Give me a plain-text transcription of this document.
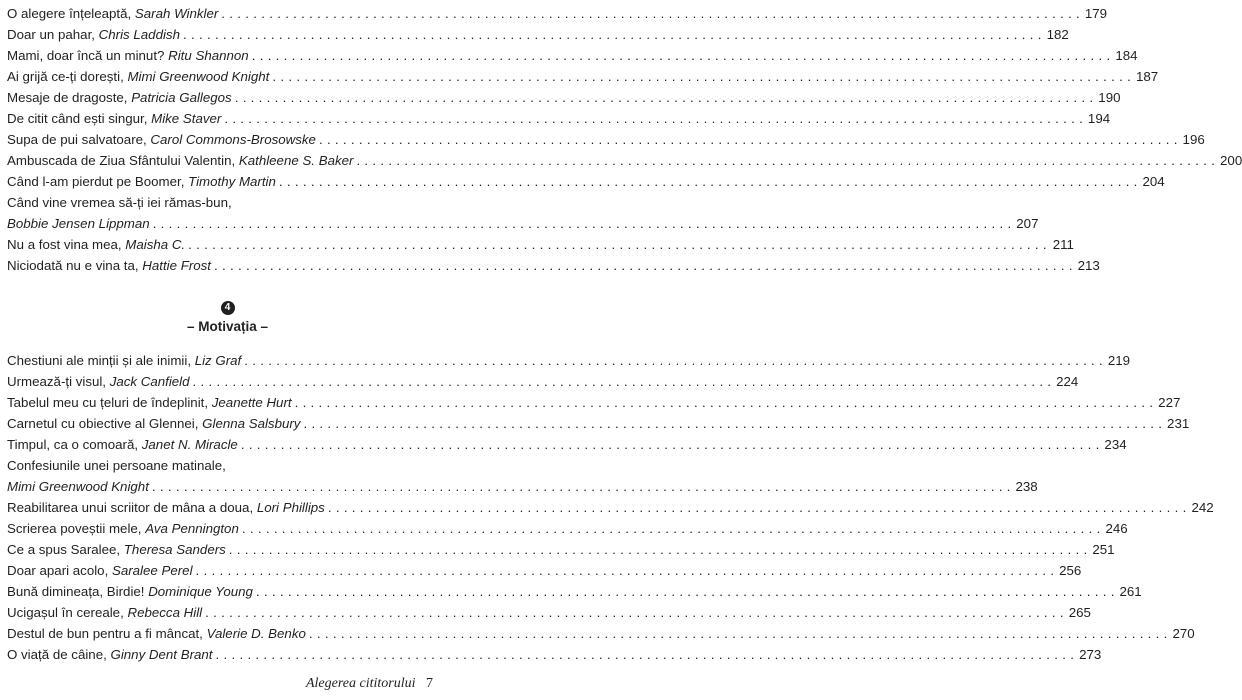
O alegere înțeleaptă, Sarah Winkler . . .	179
Doar un pahar, Chris Laddish . . .	182
Mami, doar încă un minut? Ritu Shannon . . .	184
Ai grijă ce-ți dorești, Mimi Greenwood Knight . . .	187
Mesaje de dragoste, Patricia Gallegos . . .	190
De citit când ești singur, Mike Staver . . .	194
Supa de pui salvatoare, Carol Commons-Brosowske . . .	196
Ambuscada de Ziua Sfântului Valentin, Kathleene S. Baker . . .	200
Când l-am pierdut pe Boomer, Timothy Martin . . .	204
Când vine vremea să-ți iei rămas-bun,
Bobbie Jensen Lippman . . .	207
Nu a fost vina mea, Maisha C. . . .	211
Niciodată nu e vina ta, Hattie Frost . . .	213
4
– Motivația –
Chestiuni ale minții și ale inimii, Liz Graf . . .	219
Urmează-ți visul, Jack Canfield . . .	224
Tabelul meu cu țeluri de îndeplinit, Jeanette Hurt . . .	227
Carnetul cu obiective al Glennei, Glenna Salsbury . . .	231
Timpul, ca o comoară, Janet N. Miracle . . .	234
Confesiunile unei persoane matinale,
Mimi Greenwood Knight . . .	238
Reabilitarea unui scriitor de mâna a doua, Lori Phillips . . .	242
Scrierea poveștii mele, Ava Pennington . . .	246
Ce a spus Saralee, Theresa Sanders . . .	251
Doar apari acolo, Saralee Perel . . .	256
Bună dimineața, Birdie! Dominique Young . . .	261
Ucigașul în cereale, Rebecca Hill . . .	265
Destul de bun pentru a fi mâncat, Valerie D. Benko . . .	270
O viață de câine, Ginny Dent Brant . . .	273
Alegerea cititorului 7
